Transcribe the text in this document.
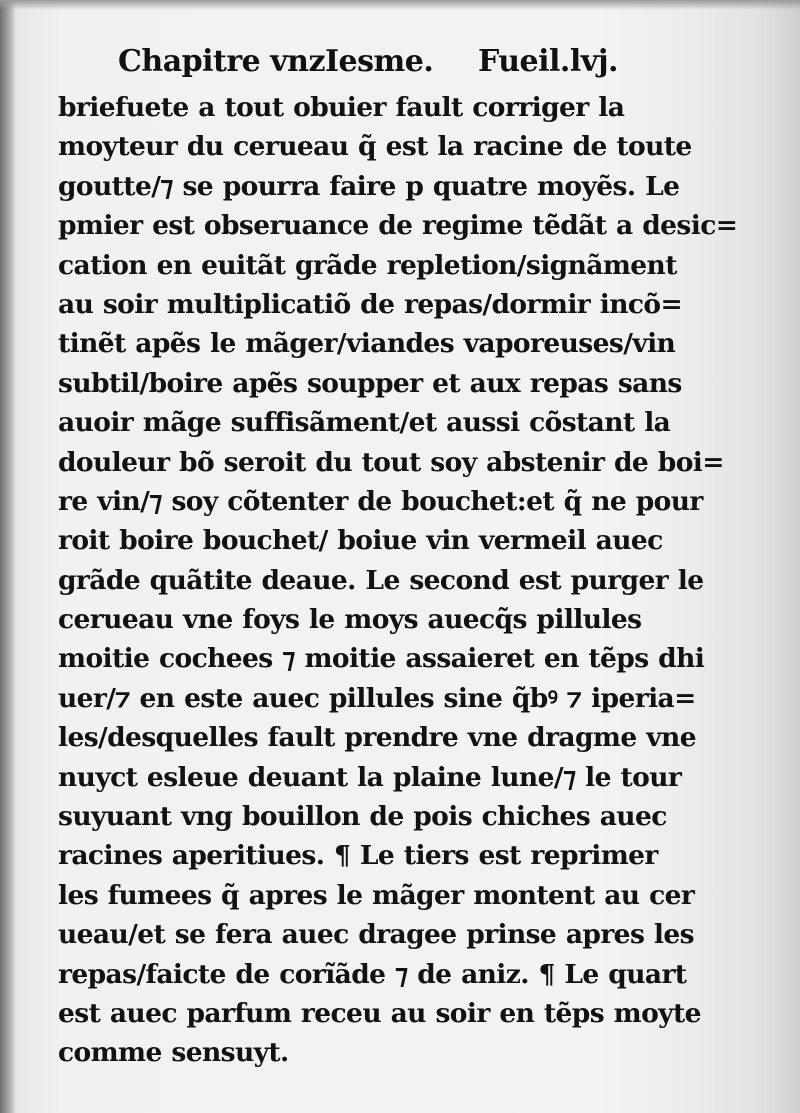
Chapitre vnzIesme. Fueil.lvj.
briefuete a tout obuier fault corriger la
moyteur du cerueau q̃ est la racine de toute
goutte/⁊ se pourra faire p quatre moyẽs. Le
pmier est obseruance de regime tẽdãt a desic=
cation en euitãt grãde repletion/signãment
au soir multiplicatiõ de repas/dormir incõ=
tinẽt apẽs le mãger/viandes vaporeuses/vin
subtil/boire apẽs soupper et aux repas sans
auoir mãge suffisãment/et aussi cõstant la
douleur bõ seroit du tout soy abstenir de boi=
re vin/⁊ soy cõtenter de bouchet:et q̃ ne pour
roit boire bouchet/ boiue vin vermeil auec
grãde quãtite deaue. Le second est purger le
cerueau vne foys le moys auecq̃s pillules
moitie cochees ⁊ moitie assaieret en tẽps dhi
uer/⁊ en este auec pillules sine q̃bꝰ ⁊ iperia=
les/desquelles fault prendre vne dragme vne
nuyct esleue deuant la plaine lune/⁊ le tour
suyuant vng bouillon de pois chiches auec
racines aperitiues. ¶ Le tiers est reprimer
les fumees q̃ apres le mãger montent au cer
ueau/et se fera auec dragee prinse apres les
repas/faicte de corĩãde ⁊ de aniz. ¶ Le quart
est auec parfum receu au soir en tẽps moyte
comme sensuyt.
